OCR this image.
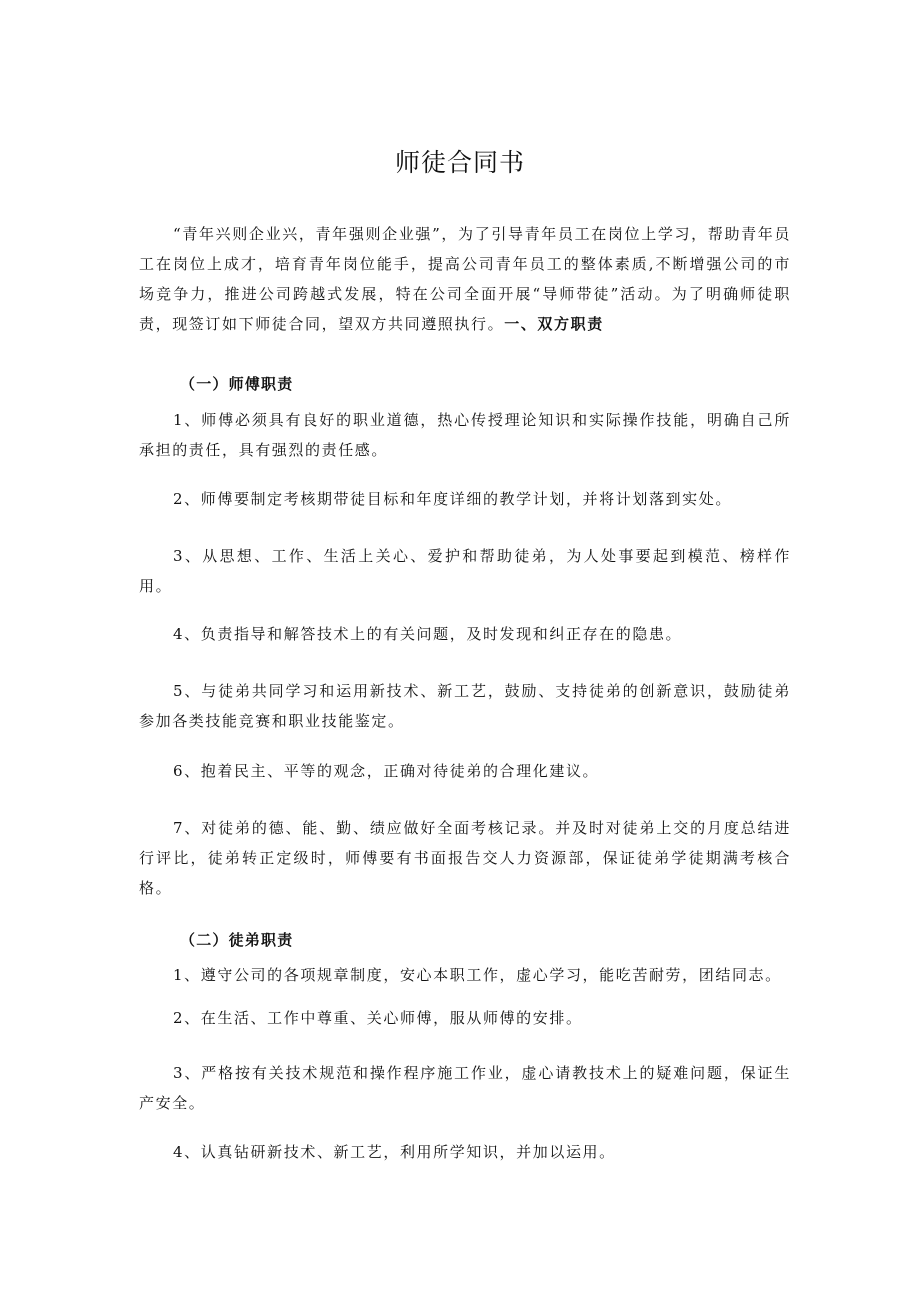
师徒合同书

“青年兴则企业兴，青年强则企业强”，为了引导青年员工在岗位上学习，帮助青年员工在岗位上成才，培育青年岗位能手，提高公司青年员工的整体素质,不断增强公司的市场竞争力，推进公司跨越式发展，特在公司全面开展“导师带徒”活动。为了明确师徒职责，现签订如下师徒合同，望双方共同遵照执行。一、双方职责

（一）师傅职责

1、师傅必须具有良好的职业道德，热心传授理论知识和实际操作技能，明确自己所承担的责任，具有强烈的责任感。

2、师傅要制定考核期带徒目标和年度详细的教学计划，并将计划落到实处。

3、从思想、工作、生活上关心、爱护和帮助徒弟，为人处事要起到模范、榜样作用。

4、负责指导和解答技术上的有关问题，及时发现和纠正存在的隐患。

5、与徒弟共同学习和运用新技术、新工艺，鼓励、支持徒弟的创新意识，鼓励徒弟参加各类技能竞赛和职业技能鉴定。

6、抱着民主、平等的观念，正确对待徒弟的合理化建议。

7、对徒弟的德、能、勤、绩应做好全面考核记录。并及时对徒弟上交的月度总结进行评比，徒弟转正定级时，师傅要有书面报告交人力资源部，保证徒弟学徒期满考核合格。

（二）徒弟职责

1、遵守公司的各项规章制度，安心本职工作，虚心学习，能吃苦耐劳，团结同志。

2、在生活、工作中尊重、关心师傅，服从师傅的安排。

3、严格按有关技术规范和操作程序施工作业，虚心请教技术上的疑难问题，保证生产安全。

4、认真钻研新技术、新工艺，利用所学知识，并加以运用。
